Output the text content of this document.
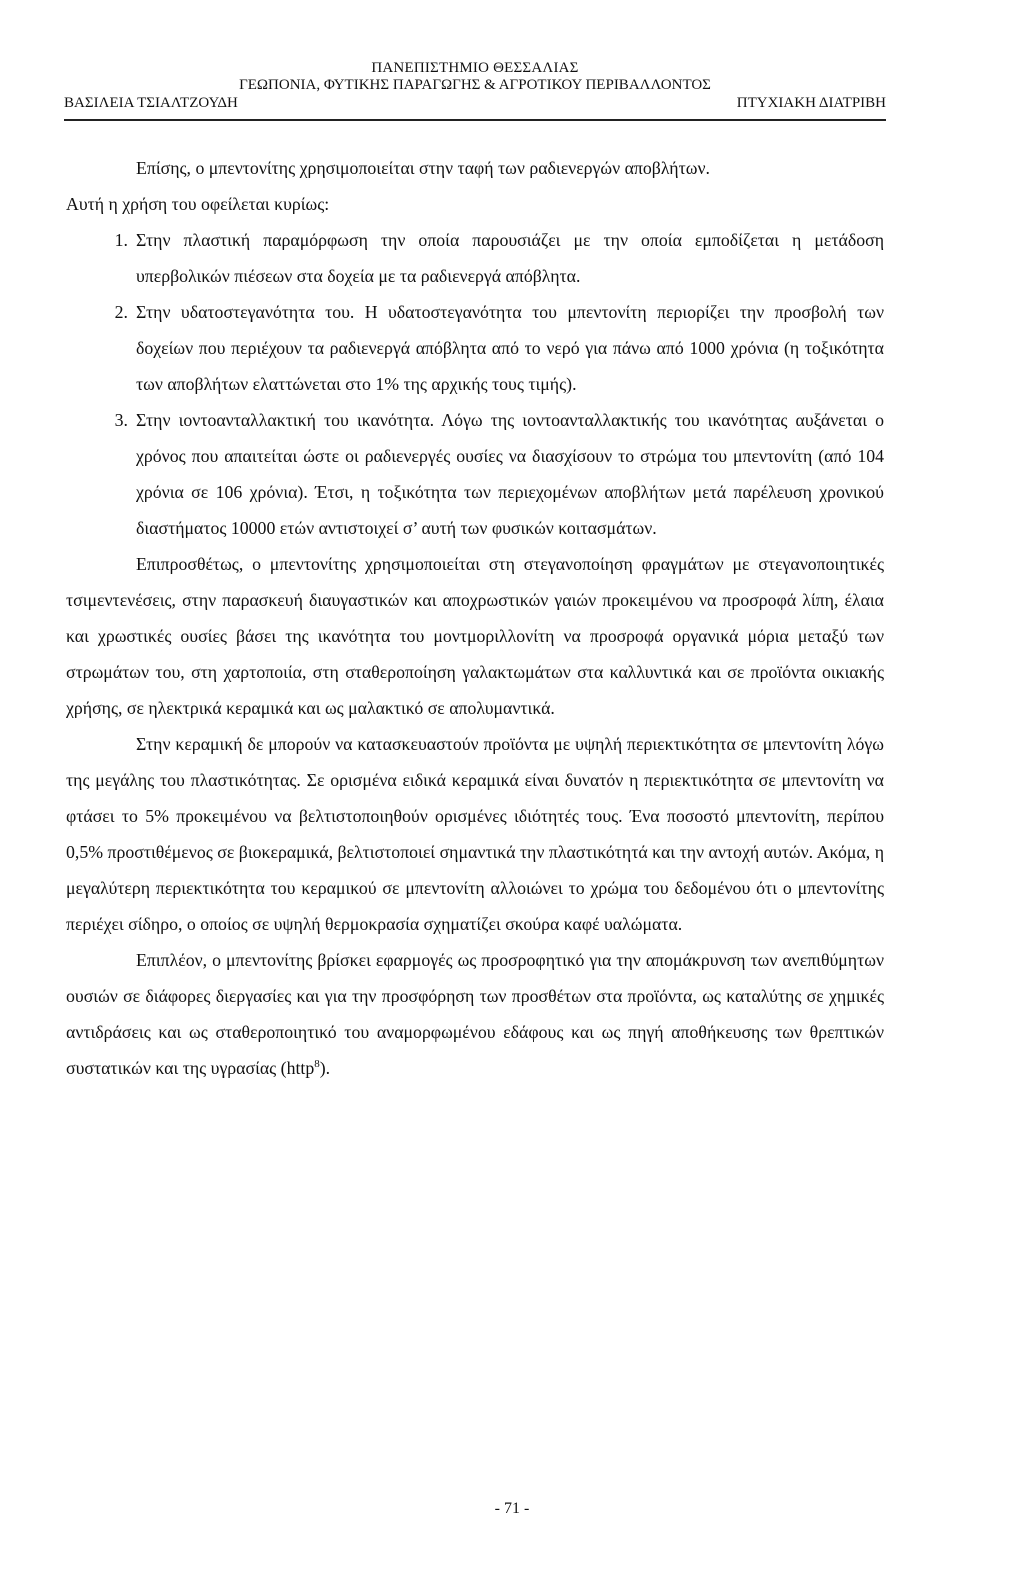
ΠΑΝΕΠΙΣΤΗΜΙΟ ΘΕΣΣΑΛΙΑΣ
ΓΕΩΠΟΝΙΑ, ΦΥΤΙΚΗΣ ΠΑΡΑΓΩΓΗΣ & ΑΓΡΟΤΙΚΟΥ ΠΕΡΙΒΑΛΛΟΝΤΟΣ
ΒΑΣΙΛΕΙΑ ΤΣΙΑΛΤΖΟΥΔΗ	ΠΤΥΧΙΑΚΗ ΔΙΑΤΡΙΒΗ
Επίσης, ο μπεντονίτης χρησιμοποιείται στην ταφή των ραδιενεργών αποβλήτων.
Αυτή η χρήση του οφείλεται κυρίως:
1. Στην πλαστική παραμόρφωση την οποία παρουσιάζει με την οποία εμποδίζεται η μετάδοση υπερβολικών πιέσεων στα δοχεία με τα ραδιενεργά απόβλητα.
2. Στην υδατοστεγανότητα του. Η υδατοστεγανότητα του μπεντονίτη περιορίζει την προσβολή των δοχείων που περιέχουν τα ραδιενεργά απόβλητα από το νερό για πάνω από 1000 χρόνια (η τοξικότητα των αποβλήτων ελαττώνεται στο 1% της αρχικής τους τιμής).
3. Στην ιοντοανταλλακτική του ικανότητα. Λόγω της ιοντοανταλλακτικής του ικανότητας αυξάνεται ο χρόνος που απαιτείται ώστε οι ραδιενεργές ουσίες να διασχίσουν το στρώμα του μπεντονίτη (από 104 χρόνια σε 106 χρόνια). Έτσι, η τοξικότητα των περιεχομένων αποβλήτων μετά παρέλευση χρονικού διαστήματος 10000 ετών αντιστοιχεί σ’ αυτή των φυσικών κοιτασμάτων.
Επιπροσθέτως, ο μπεντονίτης χρησιμοποιείται στη στεγανοποίηση φραγμάτων με στεγανοποιητικές τσιμεντενέσεις, στην παρασκευή διαυγαστικών και αποχρωστικών γαιών προκειμένου να προσροφά λίπη, έλαια και χρωστικές ουσίες βάσει της ικανότητα του μοντμοριλλονίτη να προσροφά οργανικά μόρια μεταξύ των στρωμάτων του, στη χαρτοποιία, στη σταθεροποίηση γαλακτωμάτων στα καλλυντικά και σε προϊόντα οικιακής χρήσης, σε ηλεκτρικά κεραμικά και ως μαλακτικό σε απολυμαντικά.
Στην κεραμική δε μπορούν να κατασκευαστούν προϊόντα με υψηλή περιεκτικότητα σε μπεντονίτη λόγω της μεγάλης του πλαστικότητας. Σε ορισμένα ειδικά κεραμικά είναι δυνατόν η περιεκτικότητα σε μπεντονίτη να φτάσει το 5% προκειμένου να βελτιστοποιηθούν ορισμένες ιδιότητές τους. Ένα ποσοστό μπεντονίτη, περίπου 0,5% προστιθέμενος σε βιοκεραμικά, βελτιστοποιεί σημαντικά την πλαστικότητά και την αντοχή αυτών. Ακόμα, η μεγαλύτερη περιεκτικότητα του κεραμικού σε μπεντονίτη αλλοιώνει το χρώμα του δεδομένου ότι ο μπεντονίτης περιέχει σίδηρο, ο οποίος σε υψηλή θερμοκρασία σχηματίζει σκούρα καφέ υαλώματα.
Επιπλέον, ο μπεντονίτης βρίσκει εφαρμογές ως προσροφητικό για την απομάκρυνση των ανεπιθύμητων ουσιών σε διάφορες διεργασίες και για την προσφόρηση των προσθέτων στα προϊόντα, ως καταλύτης σε χημικές αντιδράσεις και ως σταθεροποιητικό του αναμορφωμένου εδάφους και ως πηγή αποθήκευσης των θρεπτικών συστατικών και της υγρασίας (http$^8$).
- 71 -
